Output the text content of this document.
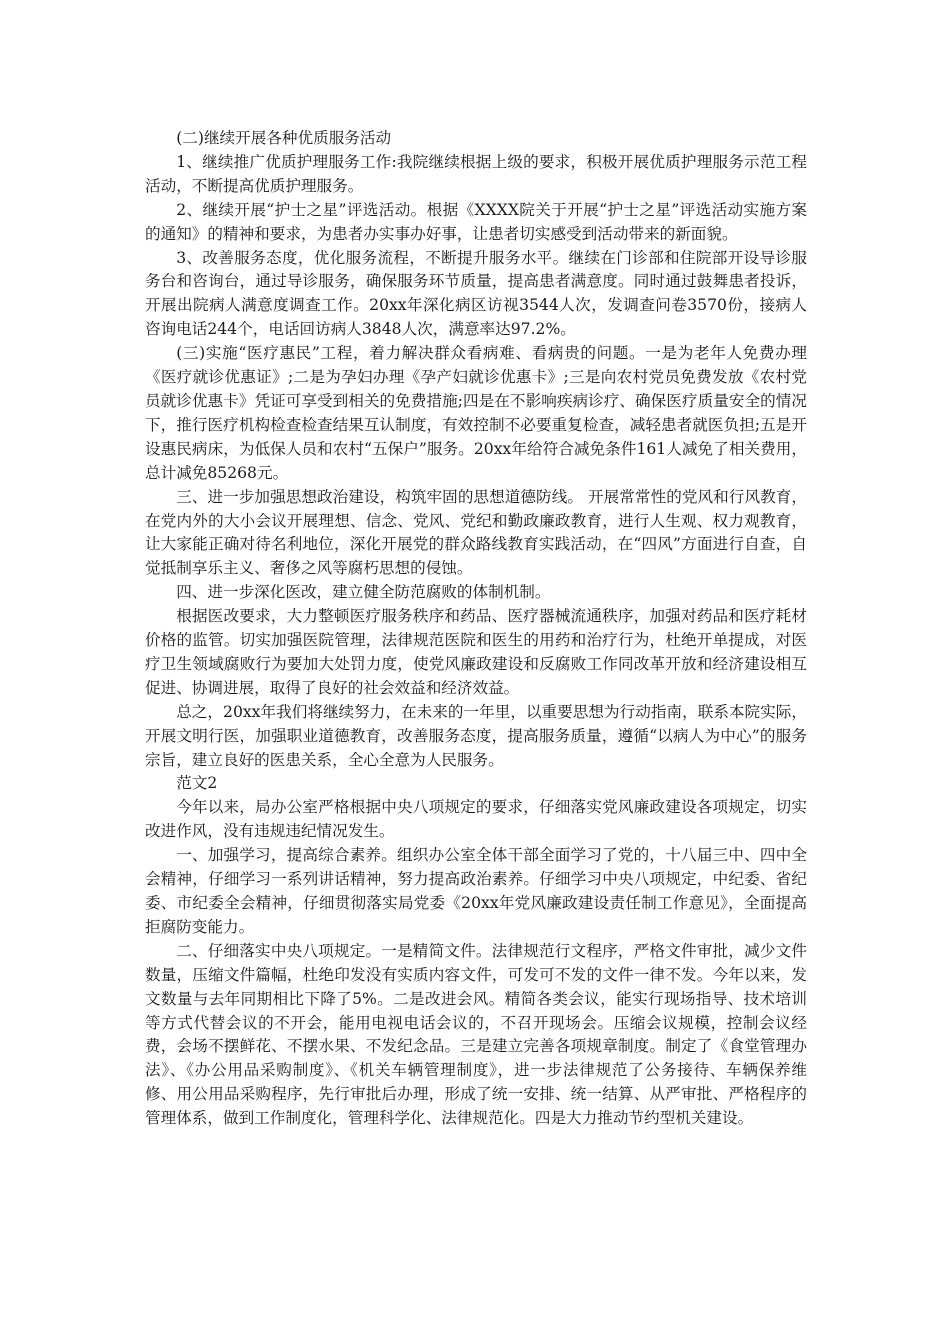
(二)继续开展各种优质服务活动

1、继续推广优质护理服务工作:我院继续根据上级的要求，积极开展优质护理服务示范工程活动，不断提高优质护理服务。

2、继续开展“护士之星”评选活动。根据《XXXX院关于开展“护士之星”评选活动实施方案的通知》的精神和要求，为患者办实事办好事，让患者切实感受到活动带来的新面貌。

3、改善服务态度，优化服务流程，不断提升服务水平。继续在门诊部和住院部开设导诊服务台和咨询台，通过导诊服务，确保服务环节质量，提高患者满意度。同时通过鼓舞患者投诉，开展出院病人满意度调查工作。20xx年深化病区访视3544人次，发调查问卷3570份，接病人咨询电话244个，电话回访病人3848人次，满意率达97.2%。

(三)实施“医疗惠民”工程，着力解决群众看病难、看病贵的问题。一是为老年人免费办理《医疗就诊优惠证》;二是为孕妇办理《孕产妇就诊优惠卡》;三是向农村党员免费发放《农村党员就诊优惠卡》凭证可享受到相关的免费措施;四是在不影响疾病诊疗、确保医疗质量安全的情况下，推行医疗机构检查检查结果互认制度，有效控制不必要重复检查，减轻患者就医负担;五是开设惠民病床，为低保人员和农村“五保户”服务。20xx年给符合减免条件161人减免了相关费用，总计减免85268元。

三、进一步加强思想政治建设，构筑牢固的思想道德防线。 开展常常性的党风和行风教育，在党内外的大小会议开展理想、信念、党风、党纪和勤政廉政教育，进行人生观、权力观教育，让大家能正确对待名利地位，深化开展党的群众路线教育实践活动，在“四风”方面进行自查，自觉抵制享乐主义、奢侈之风等腐朽思想的侵蚀。

四、进一步深化医改，建立健全防范腐败的体制机制。

根据医改要求，大力整顿医疗服务秩序和药品、医疗器械流通秩序，加强对药品和医疗耗材价格的监管。切实加强医院管理，法律规范医院和医生的用药和治疗行为，杜绝开单提成，对医疗卫生领域腐败行为要加大处罚力度，使党风廉政建设和反腐败工作同改革开放和经济建设相互促进、协调进展，取得了良好的社会效益和经济效益。

总之，20xx年我们将继续努力，在未来的一年里，以重要思想为行动指南，联系本院实际，开展文明行医，加强职业道德教育，改善服务态度，提高服务质量，遵循“以病人为中心”的服务宗旨，建立良好的医患关系，全心全意为人民服务。

范文2

今年以来，局办公室严格根据中央八项规定的要求，仔细落实党风廉政建设各项规定，切实改进作风，没有违规违纪情况发生。

一、加强学习，提高综合素养。组织办公室全体干部全面学习了党的，十八届三中、四中全会精神，仔细学习一系列讲话精神，努力提高政治素养。仔细学习中央八项规定，中纪委、省纪委、市纪委全会精神，仔细贯彻落实局党委《20xx年党风廉政建设责任制工作意见》，全面提高拒腐防变能力。

二、仔细落实中央八项规定。一是精简文件。法律规范行文程序，严格文件审批，减少文件数量，压缩文件篇幅，杜绝印发没有实质内容文件，可发可不发的文件一律不发。今年以来，发文数量与去年同期相比下降了5%。二是改进会风。精简各类会议，能实行现场指导、技术培训等方式代替会议的不开会，能用电视电话会议的，不召开现场会。压缩会议规模，控制会议经费，会场不摆鲜花、不摆水果、不发纪念品。三是建立完善各项规章制度。制定了《食堂管理办法》、《办公用品采购制度》、《机关车辆管理制度》，进一步法律规范了公务接待、车辆保养维修、用公用品采购程序，先行审批后办理，形成了统一安排、统一结算、从严审批、严格程序的管理体系，做到工作制度化，管理科学化、法律规范化。四是大力推动节约型机关建设。
